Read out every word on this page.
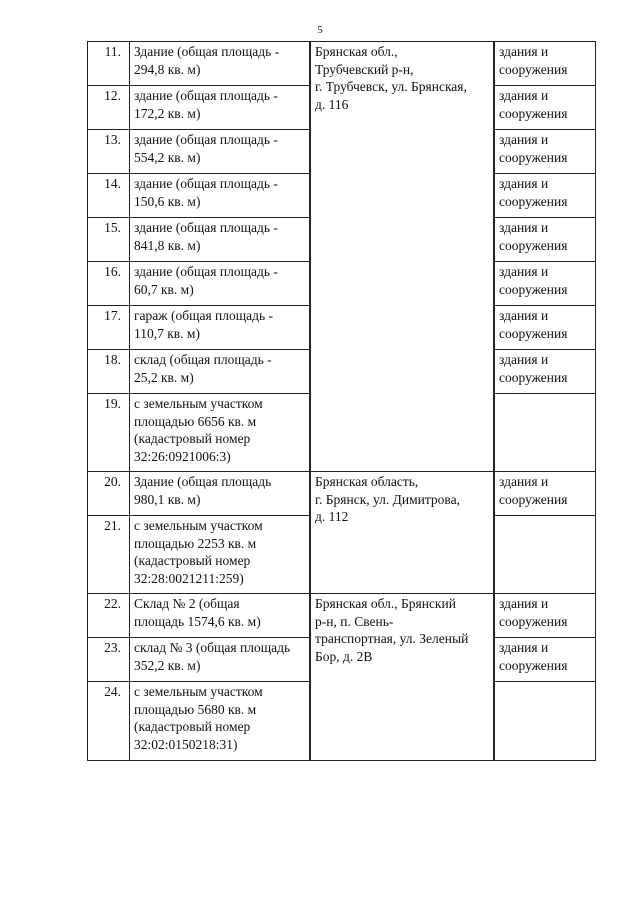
5
11.	Здание (общая площадь -
294,8 кв. м)		Брянская обл.,
Трубчевский р-н,
г. Трубчевск, ул. Брянская,
д. 116		здания и
сооружения
12.	здание (общая площадь -
172,2 кв. м)		здания и
сооружения
13.	здание (общая площадь -
554,2 кв. м)		здания и
сооружения
14.	здание (общая площадь -
150,6 кв. м)		здания и
сооружения
15.	здание (общая площадь -
841,8 кв. м)		здания и
сооружения
16.	здание (общая площадь -
60,7 кв. м)		здания и
сооружения
17.	гараж (общая площадь -
110,7 кв. м)		здания и
сооружения
18.	склад (общая площадь -
25,2 кв. м)		здания и
сооружения
19.	с земельным участком
площадью 6656 кв. м
(кадастровый номер
32:26:0921006:3)		
20.	Здание (общая площадь
980,1 кв. м)		Брянская область,
г. Брянск, ул. Димитрова,
д. 112		здания и
сооружения
21.	с земельным участком
площадью 2253 кв. м
(кадастровый номер
32:28:0021211:259)		
22.	Склад № 2 (общая
площадь 1574,6 кв. м)		Брянская обл., Брянский
р-н, п. Свень-
транспортная, ул. Зеленый
Бор, д. 2В		здания и
сооружения
23.	склад № 3 (общая площадь
352,2 кв. м)		здания и
сооружения
24.	с земельным участком
площадью 5680 кв. м
(кадастровый номер
32:02:0150218:31)		
